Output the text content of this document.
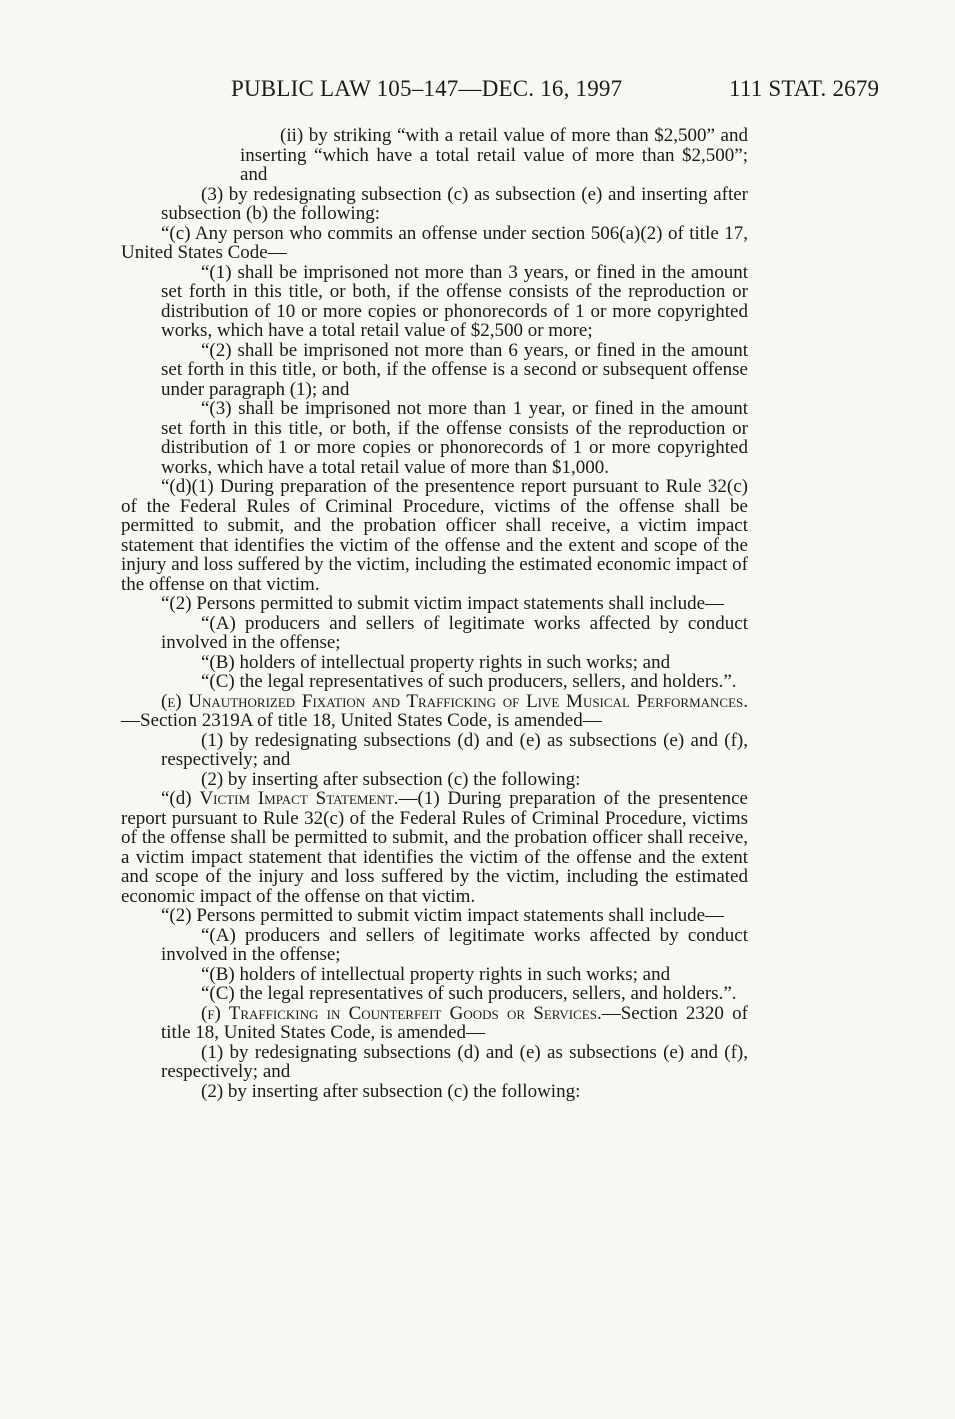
PUBLIC LAW 105–147—DEC. 16, 1997	111 STAT. 2679

(ii) by striking “with a retail value of more than $2,500” and inserting “which have a total retail value of more than $2,500”; and

(3) by redesignating subsection (c) as subsection (e) and inserting after subsection (b) the following:

“(c) Any person who commits an offense under section 506(a)(2) of title 17, United States Code—

“(1) shall be imprisoned not more than 3 years, or fined in the amount set forth in this title, or both, if the offense consists of the reproduction or distribution of 10 or more copies or phonorecords of 1 or more copyrighted works, which have a total retail value of $2,500 or more;

“(2) shall be imprisoned not more than 6 years, or fined in the amount set forth in this title, or both, if the offense is a second or subsequent offense under paragraph (1); and

“(3) shall be imprisoned not more than 1 year, or fined in the amount set forth in this title, or both, if the offense consists of the reproduction or distribution of 1 or more copies or phonorecords of 1 or more copyrighted works, which have a total retail value of more than $1,000.

“(d)(1) During preparation of the presentence report pursuant to Rule 32(c) of the Federal Rules of Criminal Procedure, victims of the offense shall be permitted to submit, and the probation officer shall receive, a victim impact statement that identifies the victim of the offense and the extent and scope of the injury and loss suffered by the victim, including the estimated economic impact of the offense on that victim.

“(2) Persons permitted to submit victim impact statements shall include—

“(A) producers and sellers of legitimate works affected by conduct involved in the offense;

“(B) holders of intellectual property rights in such works; and

“(C) the legal representatives of such producers, sellers, and holders.”.

(e) Unauthorized Fixation and Trafficking of Live Musical Performances.—Section 2319A of title 18, United States Code, is amended—

(1) by redesignating subsections (d) and (e) as subsections (e) and (f), respectively; and

(2) by inserting after subsection (c) the following:

“(d) Victim Impact Statement.—(1) During preparation of the presentence report pursuant to Rule 32(c) of the Federal Rules of Criminal Procedure, victims of the offense shall be permitted to submit, and the probation officer shall receive, a victim impact statement that identifies the victim of the offense and the extent and scope of the injury and loss suffered by the victim, including the estimated economic impact of the offense on that victim.

“(2) Persons permitted to submit victim impact statements shall include—

“(A) producers and sellers of legitimate works affected by conduct involved in the offense;

“(B) holders of intellectual property rights in such works; and

“(C) the legal representatives of such producers, sellers, and holders.”.

(f) Trafficking in Counterfeit Goods or Services.—Section 2320 of title 18, United States Code, is amended—

(1) by redesignating subsections (d) and (e) as subsections (e) and (f), respectively; and

(2) by inserting after subsection (c) the following:
